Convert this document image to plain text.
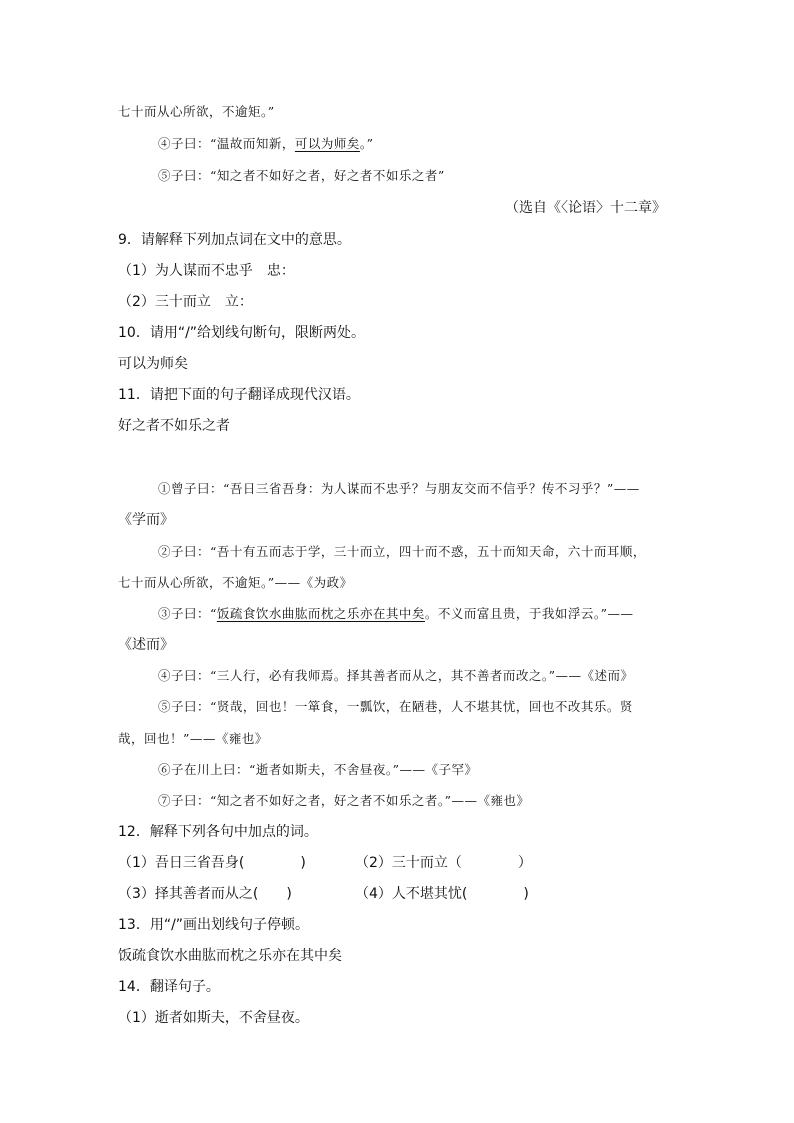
七十而从心所欲，不逾矩。”
④子曰：“温故而知新，可以为师矣。”
⑤子曰：“知之者不如好之者，好之者不如乐之者”
（选自《〈论语〉十二章》
9．请解释下列加点词在文中的意思。
（1）为人谋而不忠乎　忠：
（2）三十而立　立：
10．请用“/”给划线句断句，限断两处。
可以为师矣
11．请把下面的句子翻译成现代汉语。
好之者不如乐之者
①曾子曰：“吾日三省吾身：为人谋而不忠乎？与朋友交而不信乎？传不习乎？”——
《学而》
②子曰：“吾十有五而志于学，三十而立，四十而不惑，五十而知天命，六十而耳顺，
七十而从心所欲，不逾矩。”——《为政》
③子曰：“饭疏食饮水曲肱而枕之乐亦在其中矣。不义而富且贵，于我如浮云。”——
《述而》
④子曰：“三人行，必有我师焉。择其善者而从之，其不善者而改之。”——《述而》
⑤子曰：“贤哉，回也！一箪食，一瓢饮，在陋巷，人不堪其忧，回也不改其乐。贤
哉，回也！”——《雍也》
⑥子在川上曰：“逝者如斯夫，不舍昼夜。”——《子罕》
⑦子曰：“知之者不如好之者，好之者不如乐之者。”——《雍也》
12．解释下列各句中加点的词。
（1）吾日三省吾身(　　　　)	（2）三十而立（　　　　）
（3）择其善者而从之(　　)	（4）人不堪其忧(　　　　)
13．用“/”画出划线句子停顿。
饭疏食饮水曲肱而枕之乐亦在其中矣
14．翻译句子。
（1）逝者如斯夫，不舍昼夜。
